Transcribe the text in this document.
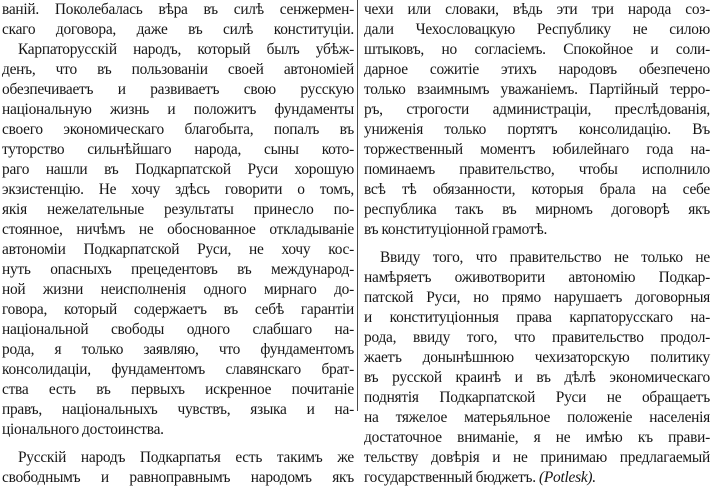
ваній. Поколебалась вѣра въ силѣ сенжермен-
скаго договора, даже въ силѣ конституціи.
Карпаторусскій народъ, который былъ убѣж-
денъ, что въ пользованіи своей автономіей
обезпечиваетъ и развиваетъ свою русскую
національную жизнь и положитъ фундаменты
своего экономическаго благобыта, попалъ въ
туторство сильнѣйшаго народа, сыны кото-
раго нашли въ Подкарпатской Руси хорошую
экзистенцію. Не хочу здѣсь говорити о томъ,
якія нежелательные результаты принесло по-
стоянное, ничѣмъ не обоснованное откладываніе
автономіи Подкарпатской Руси, не хочу кос-
нуть опасныхъ прецедентовъ въ международ-
ной жизни неисполненія одного мирнаго до-
говора, который содержаетъ въ себѣ гарантіи
національной свободы одного слабшаго на-
рода, я только заявляю, что фундаментомъ
консолидаціи, фундаментомъ славянскаго брат-
ства есть въ первыхъ искренное почитаніе
правъ, національныхъ чувствъ, языка и на-
ціонального достоинства.
Русскій народъ Подкарпатья есть такимъ же
свободнымъ и равноправнымъ народомъ якъ
чехи или словаки, вѣдь эти три народа соз-
дали Чехословацкую Республику не силою
штыковъ, но согласіемъ. Спокойное и соли-
дарное сожитіе этихъ народовъ обезпечено
только взаимнымъ уважаніемъ. Партійный терро-
ръ, строгости администраціи, преслѣдованія,
униженія только портятъ консолидацію. Въ
торжественный моментъ юбилейнаго года на-
поминаемъ правительство, чтобы исполнило
всѣ тѣ обязанности, которыя брала на себе
республика такъ въ мирномъ договорѣ якъ
въ конституціонной грамотѣ.
Ввиду того, что правительство не только не
намѣряетъ оживотворити автономію Подкар-
патской Руси, но прямо нарушаетъ договорныя
и конституціонныя права карпаторусскаго на-
рода, ввиду того, что правительство продол-
жаетъ донынѣшнюю чехизаторскую политику
въ русской краинѣ и въ дѣлѣ экономическаго
поднятія Подкарпатской Руси не обращаетъ
на тяжелое матерьяльное положеніе населенія
достаточное вниманіе, я не имѣю къ прави-
тельству довѣрія и не принимаю предлагаемый
государственный бюджетъ. (Potlesk).
